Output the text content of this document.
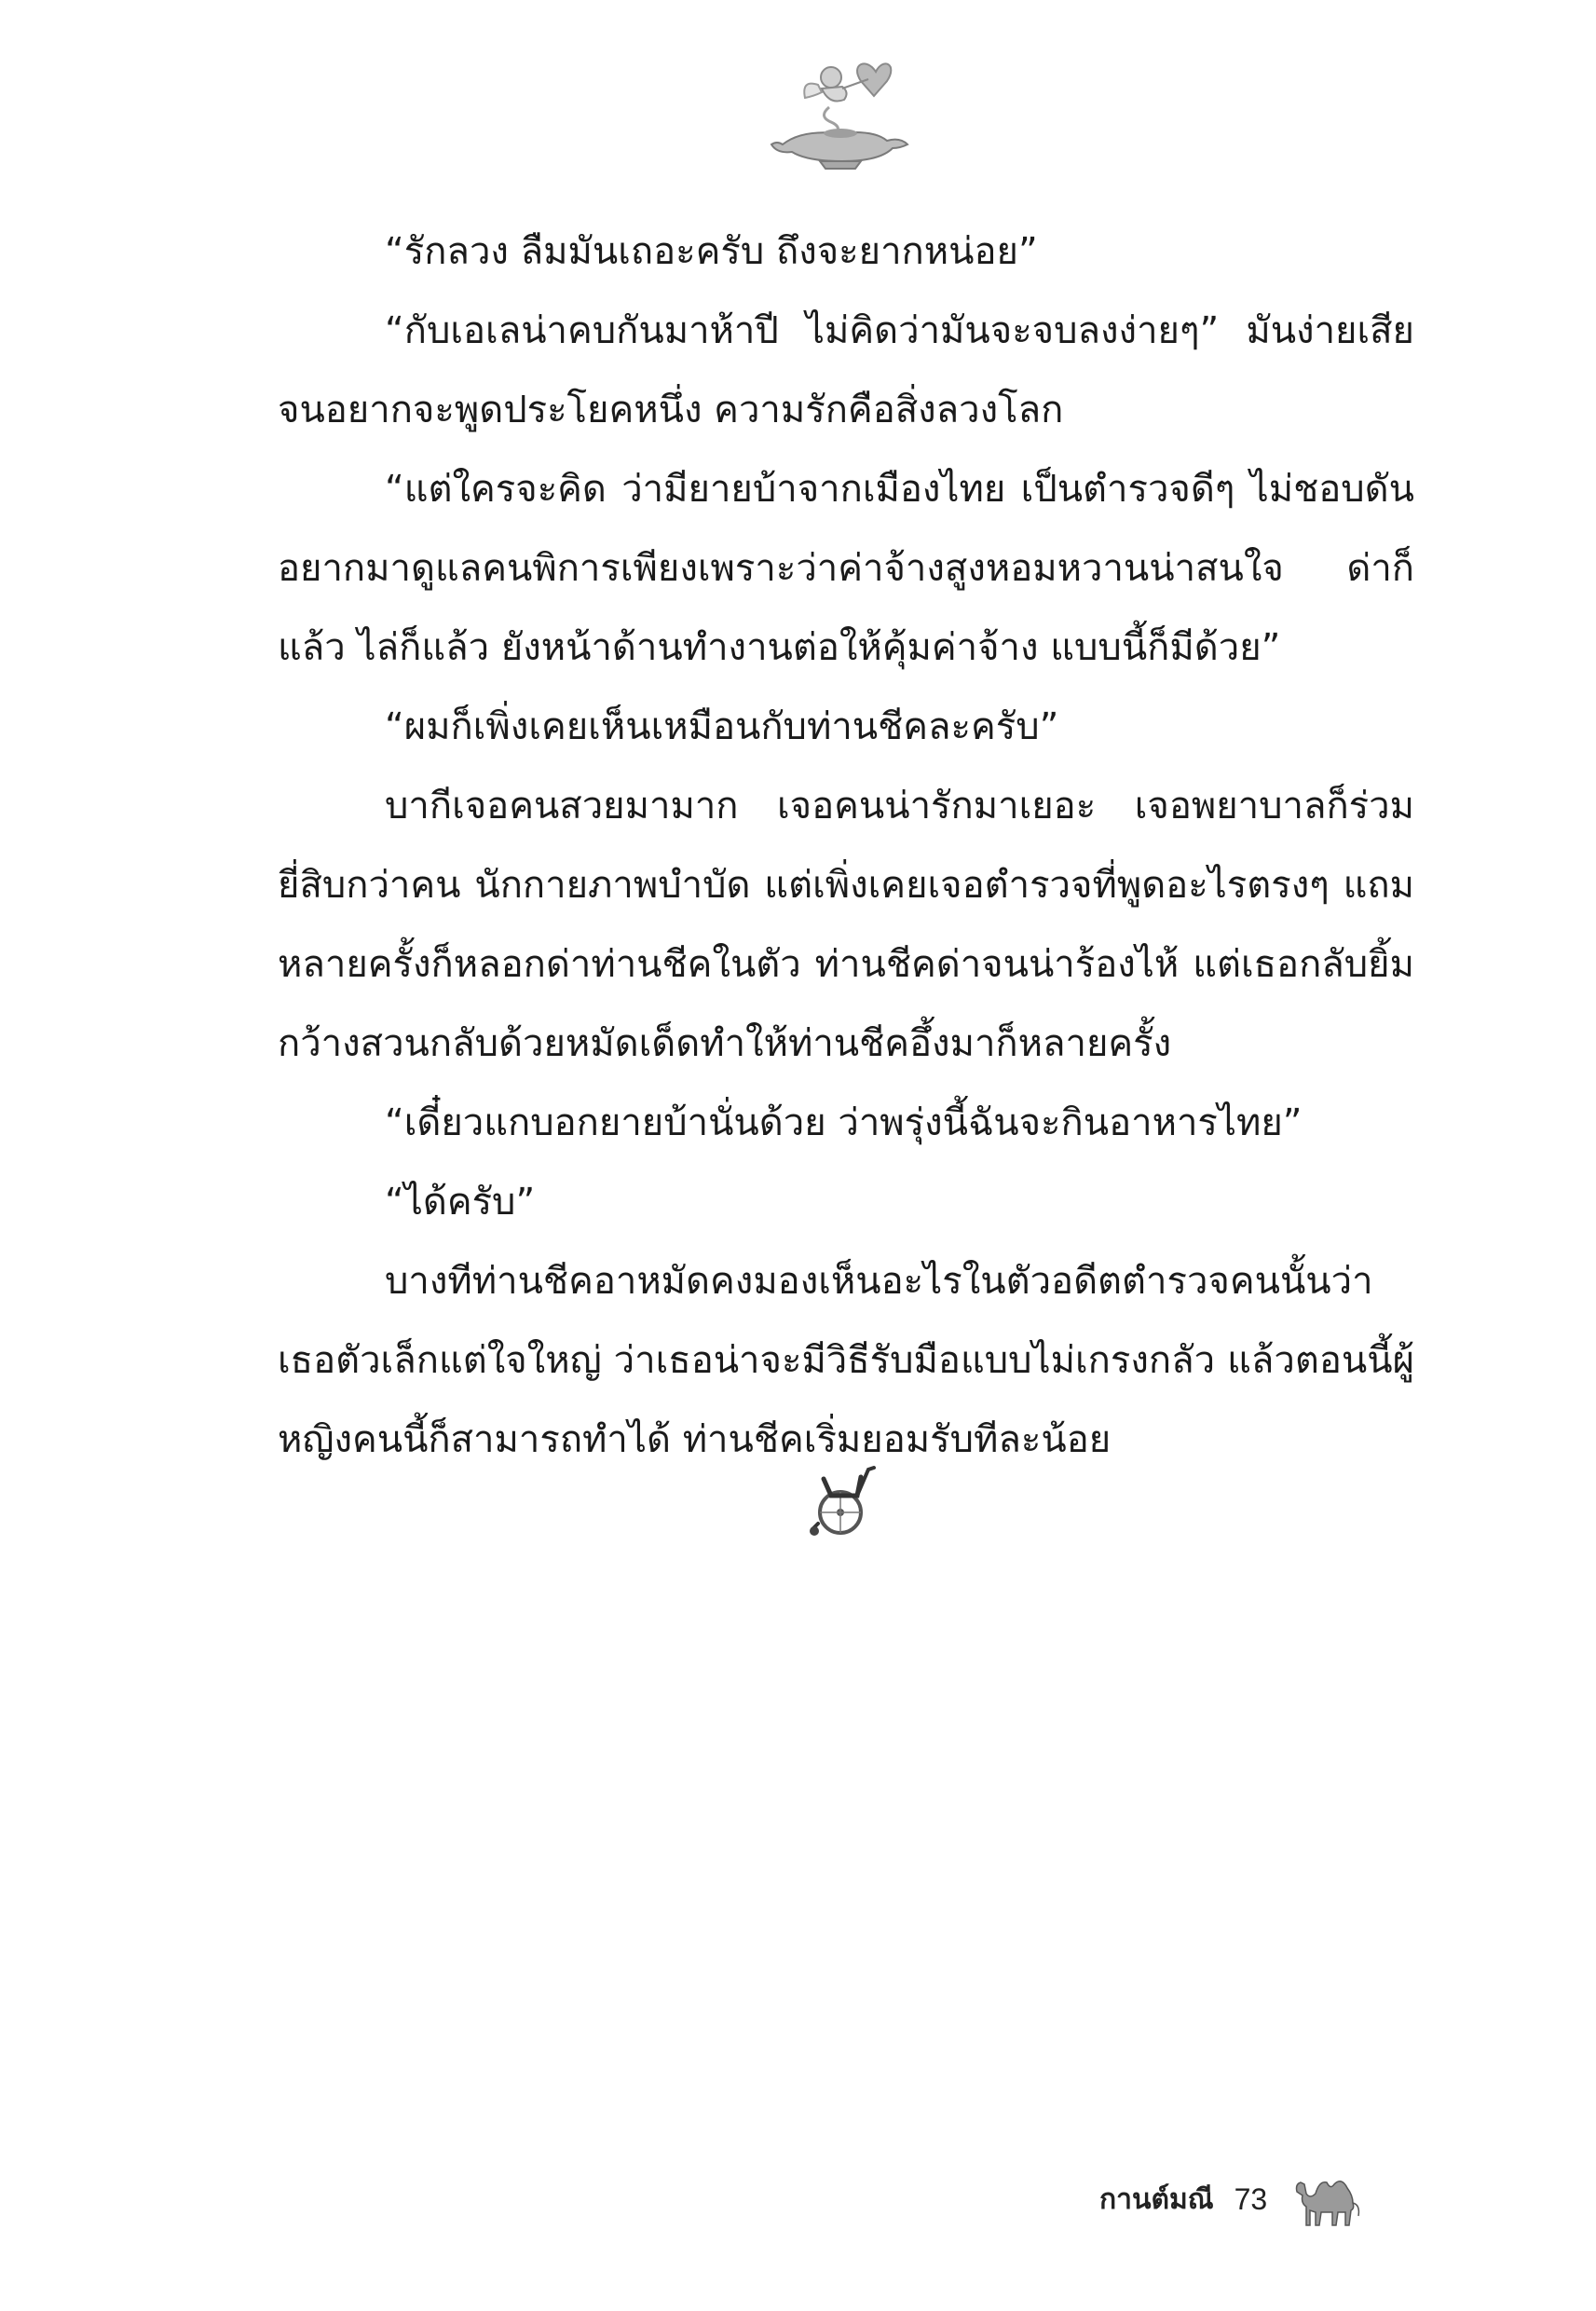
“รักลวง ลืมมันเถอะครับ ถึงจะยากหน่อย”

“กับเอเลน่าคบกันมาห้าปี ไม่คิดว่ามันจะจบลงง่ายๆ” มันง่ายเสียจนอยากจะพูดประโยคหนึ่ง ความรักคือสิ่งลวงโลก

“แต่ใครจะคิด ว่ามียายบ้าจากเมืองไทย เป็นตำรวจดีๆ ไม่ชอบดันอยากมาดูแลคนพิการเพียงเพราะว่าค่าจ้างสูงหอมหวานน่าสนใจ ด่าก็แล้ว ไล่ก็แล้ว ยังหน้าด้านทำงานต่อให้คุ้มค่าจ้าง แบบนี้ก็มีด้วย”

“ผมก็เพิ่งเคยเห็นเหมือนกับท่านชีคละครับ”

บากีเจอคนสวยมามาก เจอคนน่ารักมาเยอะ เจอพยาบาลก็ร่วมยี่สิบกว่าคน นักกายภาพบำบัด แต่เพิ่งเคยเจอตำรวจที่พูดอะไรตรงๆ แถมหลายครั้งก็หลอกด่าท่านชีคในตัว ท่านชีคด่าจนน่าร้องไห้ แต่เธอกลับยิ้มกว้างสวนกลับด้วยหมัดเด็ดทำให้ท่านชีคอึ้งมาก็หลายครั้ง

“เดี๋ยวแกบอกยายบ้านั่นด้วย ว่าพรุ่งนี้ฉันจะกินอาหารไทย”

“ได้ครับ”

บางทีท่านชีคอาหมัดคงมองเห็นอะไรในตัวอดีตตำรวจคนนั้นว่าเธอตัวเล็กแต่ใจใหญ่ ว่าเธอน่าจะมีวิธีรับมือแบบไม่เกรงกลัว แล้วตอนนี้ผู้หญิงคนนี้ก็สามารถทำได้ ท่านชีคเริ่มยอมรับทีละน้อย

กานต์มณี 73
